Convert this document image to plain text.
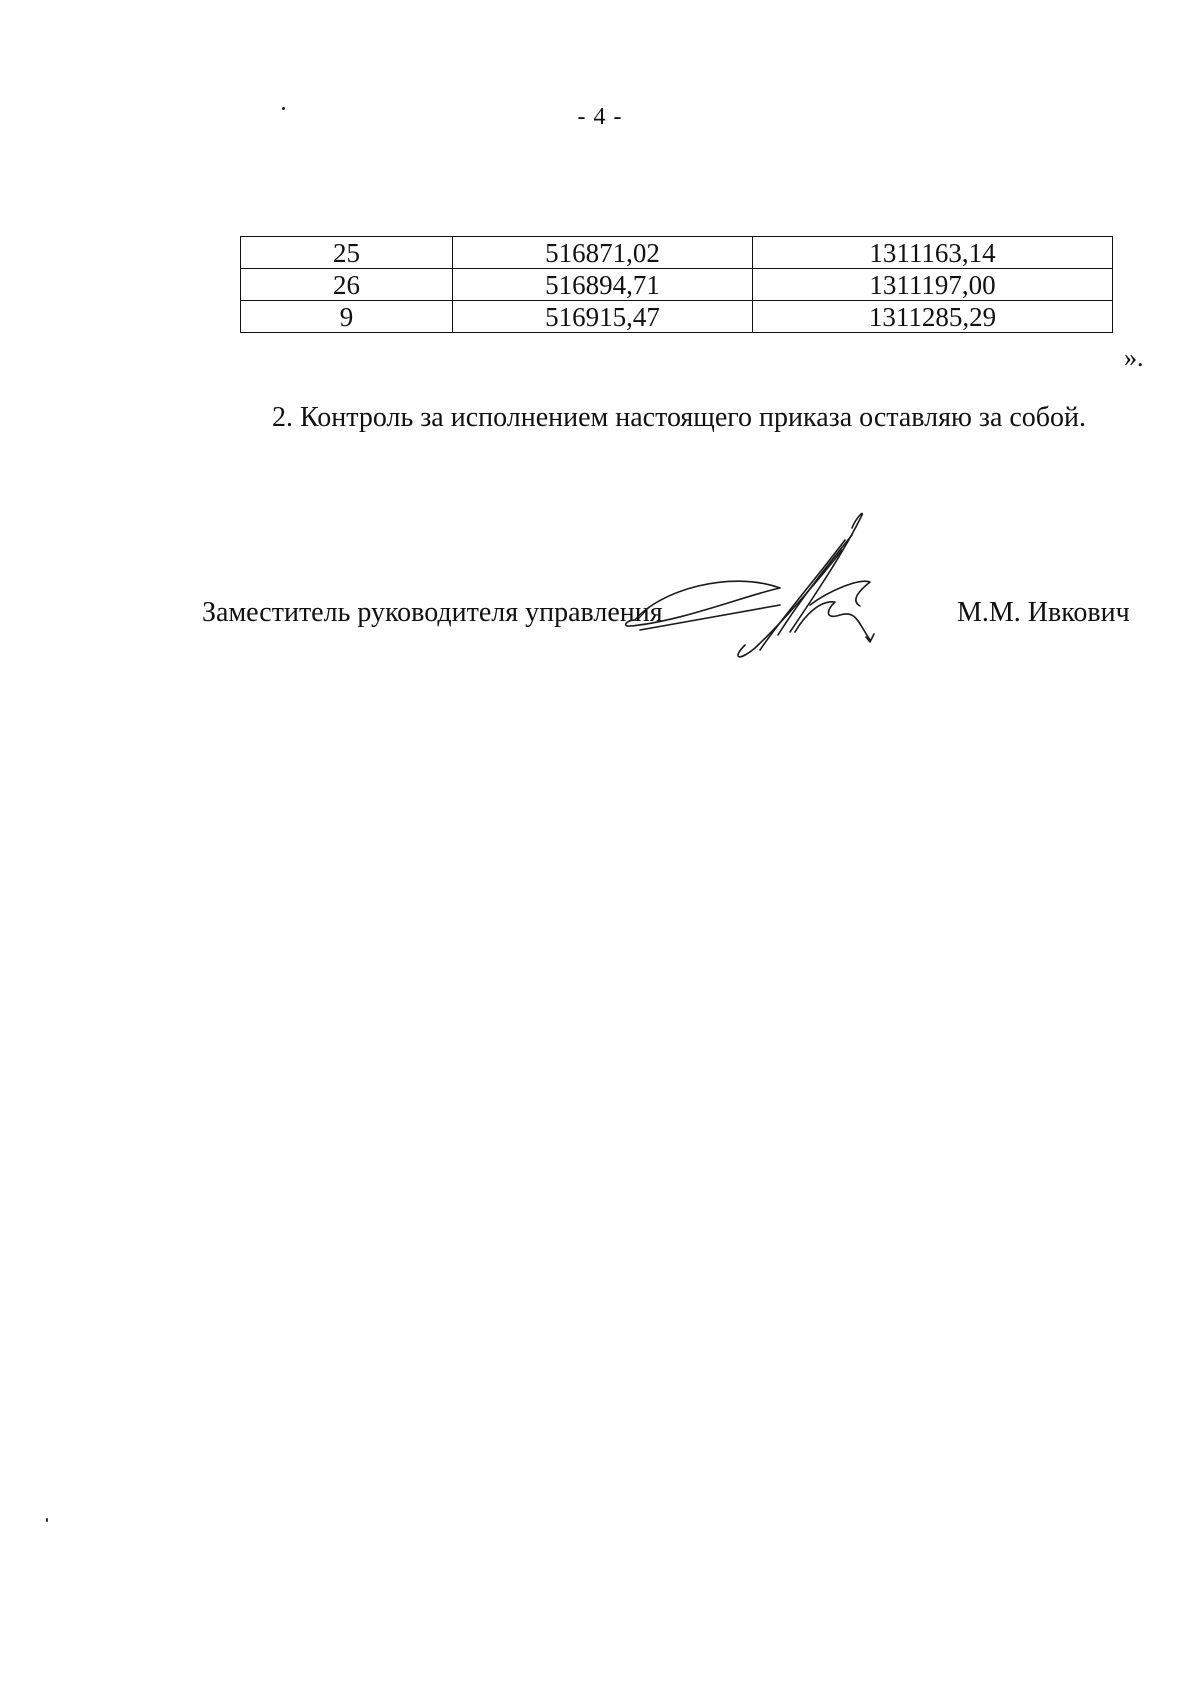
- 4 -
25	516871,02	1311163,14
26	516894,71	1311197,00
9	516915,47	1311285,29
».
2. Контроль за исполнением настоящего приказа оставляю за собой.
Заместитель руководителя управления	М.М. Ивкович
